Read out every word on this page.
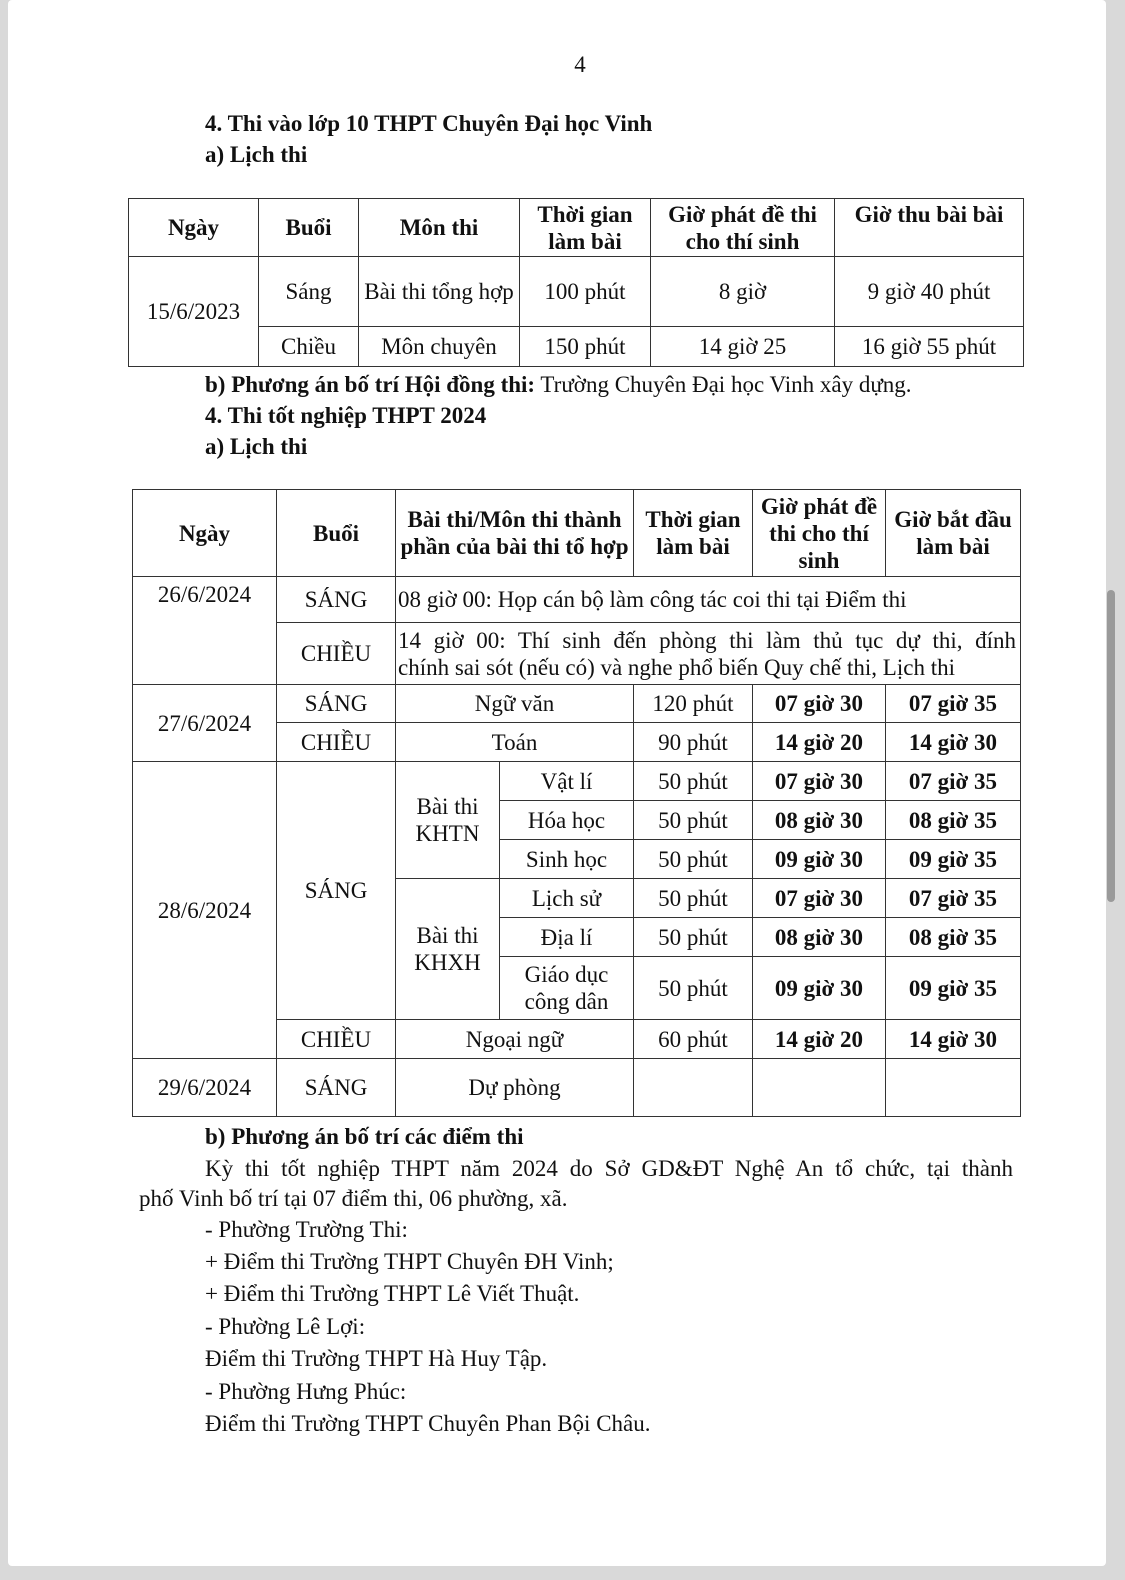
4
4. Thi vào lớp 10 THPT Chuyên Đại học Vinh
a) Lịch thi
Ngày	Buổi	Môn thi	Thời gian làm bài	Giờ phát đề thi cho thí sinh	Giờ thu bài bài
15/6/2023	Sáng	Bài thi tổng hợp	100 phút	8 giờ	9 giờ 40 phút
	Chiều	Môn chuyên	150 phút	14 giờ 25	16 giờ 55 phút
b) Phương án bố trí Hội đồng thi: Trường Chuyên Đại học Vinh xây dựng.
4. Thi tốt nghiệp THPT 2024
a) Lịch thi
Ngày	Buổi	Bài thi/Môn thi thành phần của bài thi tổ hợp		Thời gian làm bài	Giờ phát đề thi cho thí sinh	Giờ bắt đầu làm bài
26/6/2024	SÁNG	08 giờ 00: Họp cán bộ làm công tác coi thi tại Điểm thi				
	CHIỀU	14 giờ 00: Thí sinh đến phòng thi làm thủ tục dự thi, đính
chính sai sót (nếu có) và nghe phổ biến Quy chế thi, Lịch thi				

27/6/2024	SÁNG	Ngữ văn		120 phút	07 giờ 30	07 giờ 35
	CHIỀU	Toán		90 phút	14 giờ 20	14 giờ 30
28/6/2024	SÁNG	Bài thi KHTN	Vật lí	50 phút	07 giờ 30	07 giờ 35
			Hóa học	50 phút	08 giờ 30	08 giờ 35
			Sinh học	50 phút	09 giờ 30	09 giờ 35
		Bài thi KHXH	Lịch sử	50 phút	07 giờ 30	07 giờ 35
			Địa lí	50 phút	08 giờ 30	08 giờ 35
			Giáo dục công dân	50 phút	09 giờ 30	09 giờ 35
	CHIỀU	Ngoại ngữ		60 phút	14 giờ 20	14 giờ 30
29/6/2024	SÁNG	Dự phòng				
b) Phương án bố trí các điểm thi
Kỳ thi tốt nghiệp THPT năm 2024 do Sở GD&ĐT Nghệ An tổ chức, tại thành
phố Vinh bố trí tại 07 điểm thi, 06 phường, xã.
- Phường Trường Thi:
+ Điểm thi Trường THPT Chuyên ĐH Vinh;
+ Điểm thi Trường THPT Lê Viết Thuật.
- Phường Lê Lợi:
Điểm thi Trường THPT Hà Huy Tập.
- Phường Hưng Phúc:
Điểm thi Trường THPT Chuyên Phan Bội Châu.
